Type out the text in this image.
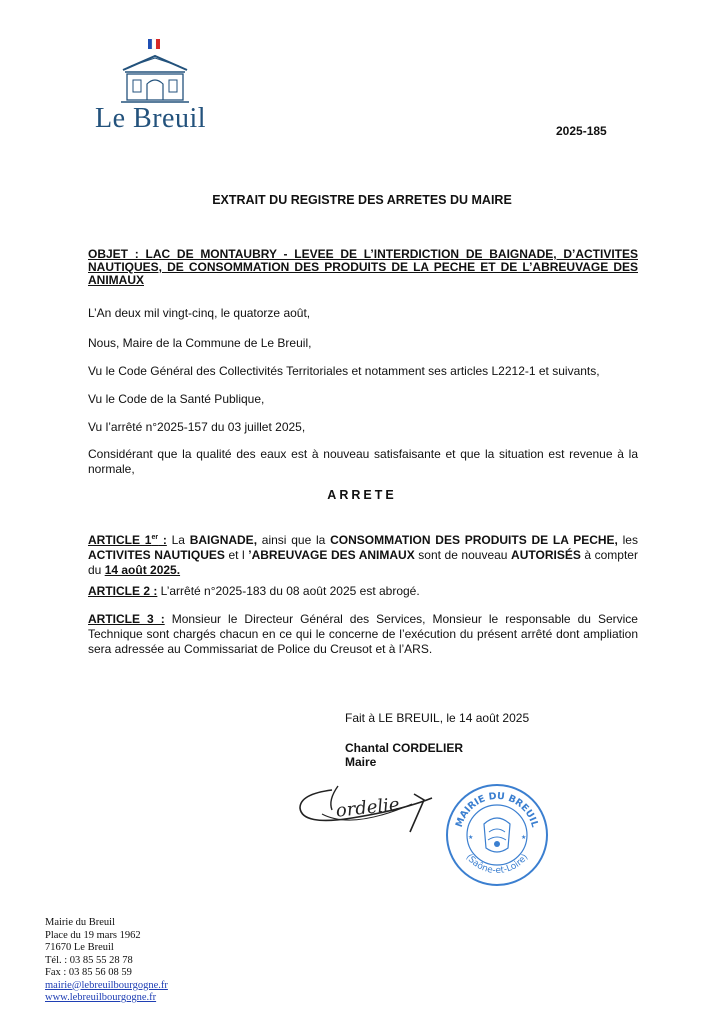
Le Breuil	2025-185
EXTRAIT DU REGISTRE DES ARRETES DU MAIRE
OBJET : LAC DE MONTAUBRY - LEVEE DE L’INTERDICTION DE BAIGNADE, D’ACTIVITES NAUTIQUES, DE CONSOMMATION DES PRODUITS DE LA PECHE ET DE L’ABREUVAGE DES ANIMAUX
L’An deux mil vingt-cinq, le quatorze août,
Nous, Maire de la Commune de Le Breuil,
Vu le Code Général des Collectivités Territoriales et notamment ses articles L2212-1 et suivants,
Vu le Code de la Santé Publique,
Vu l’arrêté n°2025-157 du 03 juillet 2025,
Considérant que la qualité des eaux est à nouveau satisfaisante et que la situation est revenue à la normale,
ARRETE
ARTICLE 1er : La BAIGNADE, ainsi que la CONSOMMATION DES PRODUITS DE LA PECHE, les ACTIVITES NAUTIQUES et l ’ABREUVAGE DES ANIMAUX sont de nouveau AUTORISÉS à compter du 14 août 2025.
ARTICLE 2 : L’arrêté n°2025-183 du 08 août 2025 est abrogé.
ARTICLE 3 : Monsieur le Directeur Général des Services, Monsieur le responsable du Service Technique sont chargés chacun en ce qui le concerne de l’exécution du présent arrêté dont ampliation sera adressée au Commissariat de Police du Creusot et à l’ARS.
Fait à LE BREUIL, le 14 août 2025
Chantal CORDELIER
Maire
ordelie
MAIRIE DU BREUIL
(Saône-et-Loire)
★	★
Mairie du Breuil
Place du 19 mars 1962
71670 Le Breuil
Tél. : 03 85 55 28 78
Fax : 03 85 56 08 59
mairie@lebreuilbourgogne.fr
www.lebreuilbourgogne.fr
